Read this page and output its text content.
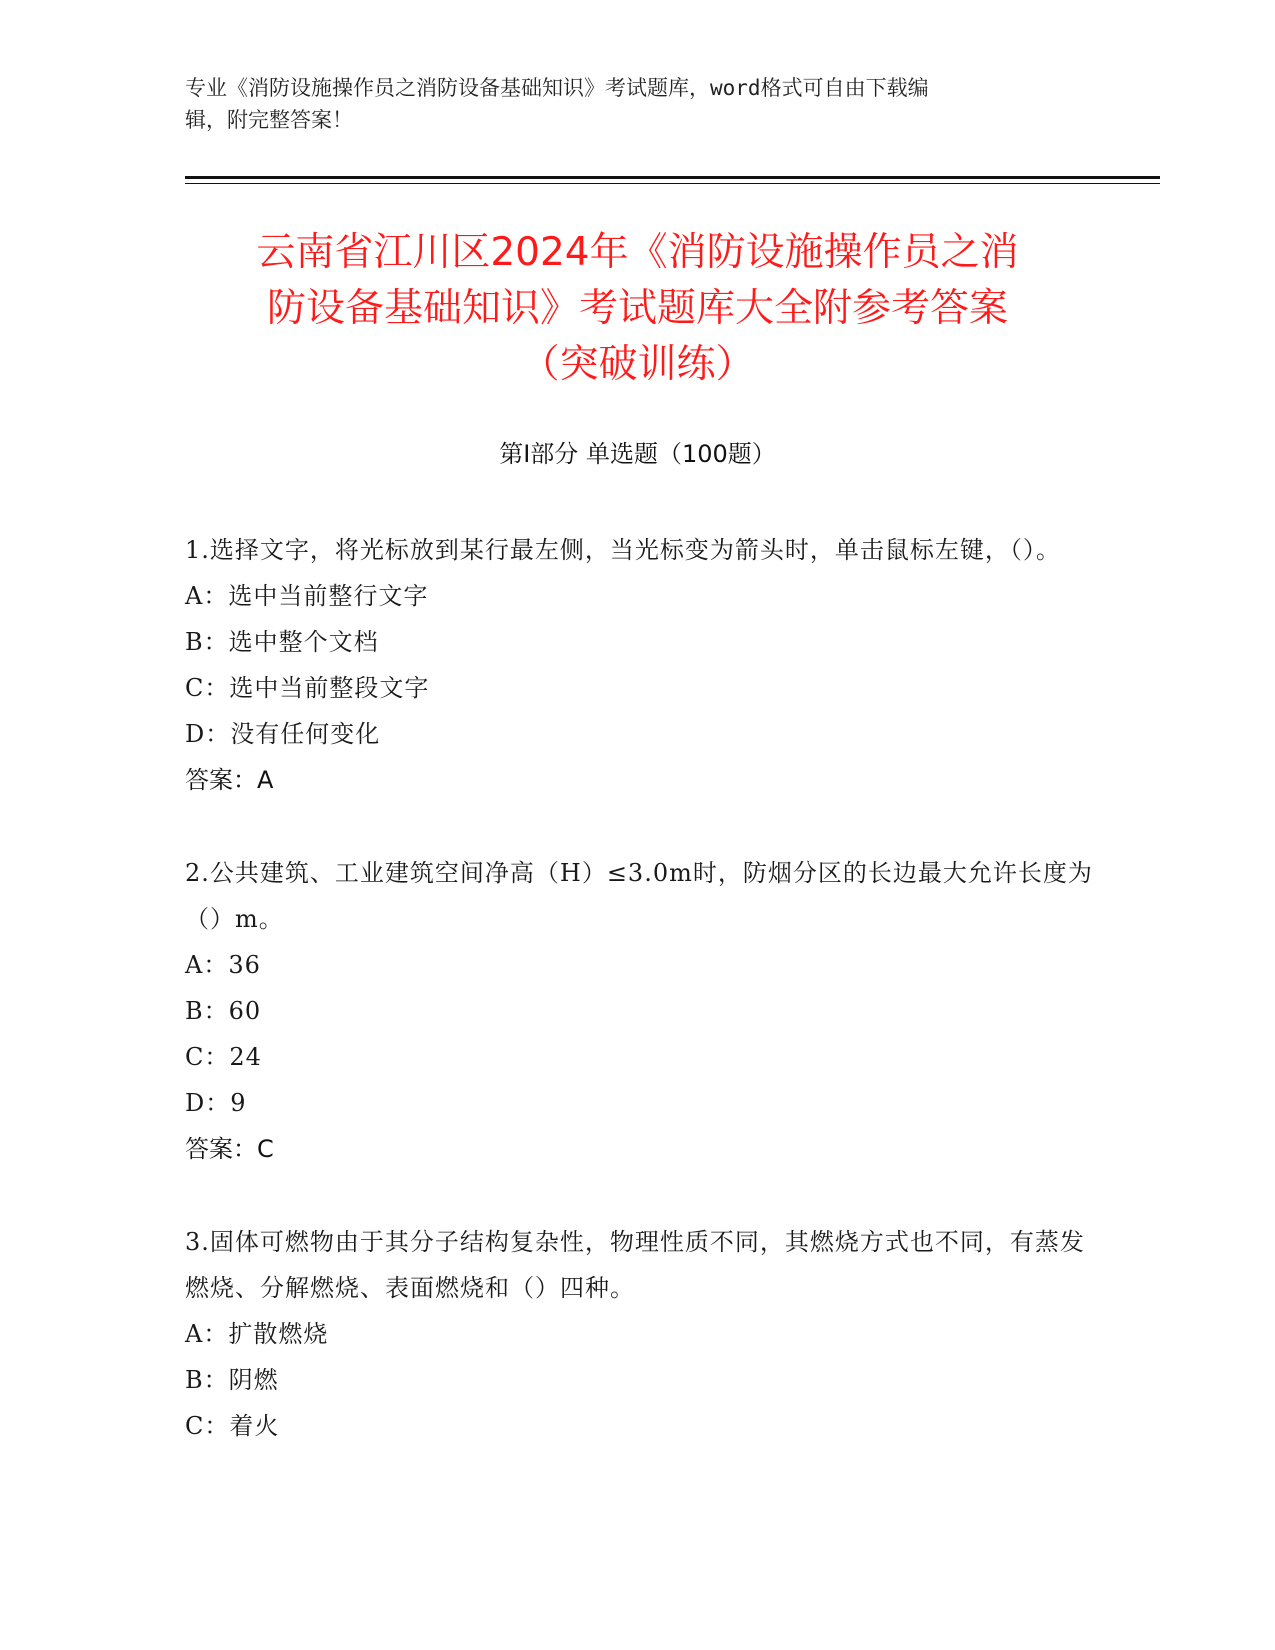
专业《消防设施操作员之消防设备基础知识》考试题库，word格式可自由下载编
辑，附完整答案！
云南省江川区2024年《消防设施操作员之消
防设备基础知识》考试题库大全附参考答案
（突破训练）
第Ⅰ部分 单选题（100题）
1.选择文字，将光标放到某行最左侧，当光标变为箭头时，单击鼠标左键，（）。
A：选中当前整行文字
B：选中整个文档
C：选中当前整段文字
D：没有任何变化
答案：A
2.公共建筑、工业建筑空间净高（H）≤3.0m时，防烟分区的长边最大允许长度为（）m。
A：36
B：60
C：24
D：9
答案：C
3.固体可燃物由于其分子结构复杂性，物理性质不同，其燃烧方式也不同，有蒸发燃烧、分解燃烧、表面燃烧和（）四种。
A：扩散燃烧
B：阴燃
C：着火
